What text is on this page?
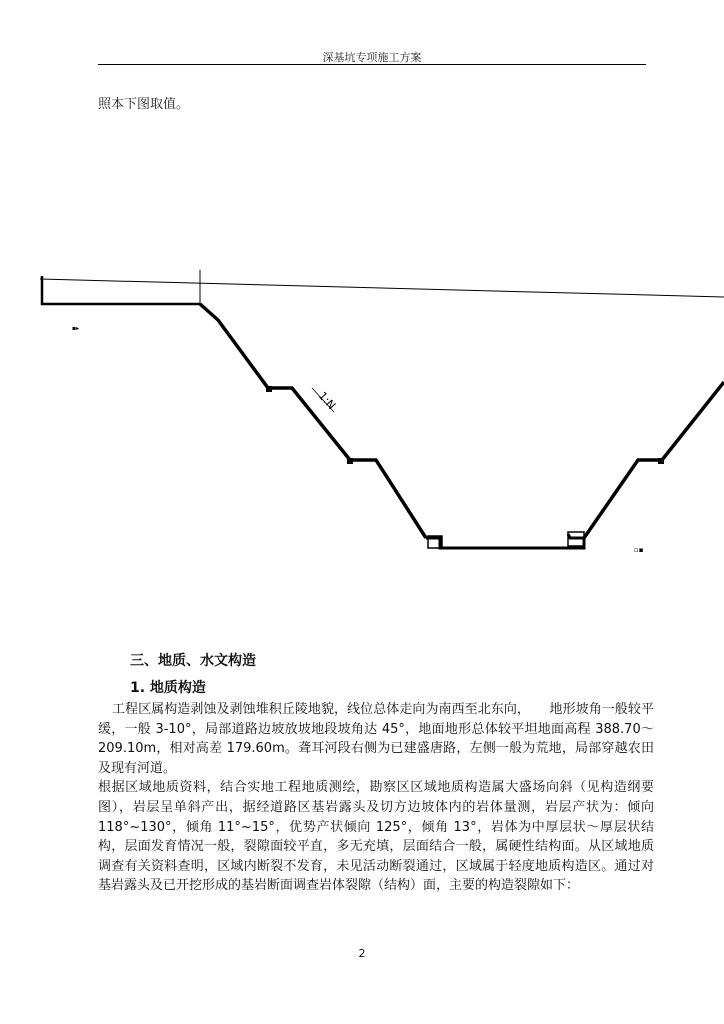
深基坑专项施工方案
照本下图取值。
▪▸
1:N
▫▪
三、地质、水文构造
1. 地质构造

工程区属构造剥蚀及剥蚀堆积丘陵地貌，线位总体走向为南西至北东向，　　地形坡角一般较平缓，一般 3-10°，局部道路边坡放坡地段坡角达 45°，地面地形总体较平坦地面高程 388.70～209.10m，相对高差 179.60m。聋耳河段右侧为已建盛唐路，左侧一般为荒地，局部穿越农田及现有河道。

根据区域地质资料，结合实地工程地质测绘，勘察区区域地质构造属大盛场向斜（见构造纲要图），岩层呈单斜产出，据经道路区基岩露头及切方边坡体内的岩体量测，岩层产状为：倾向 118°~130°，倾角 11°~15°，优势产状倾向 125°，倾角 13°，岩体为中厚层状～厚层状结构，层面发育情况一般，裂隙面较平直，多无充填，层面结合一般，属硬性结构面。从区域地质调查有关资料查明，区域内断裂不发育，未见活动断裂通过，区域属于轻度地质构造区。通过对基岩露头及已开挖形成的基岩断面调查岩体裂隙（结构）面，主要的构造裂隙如下：

2
